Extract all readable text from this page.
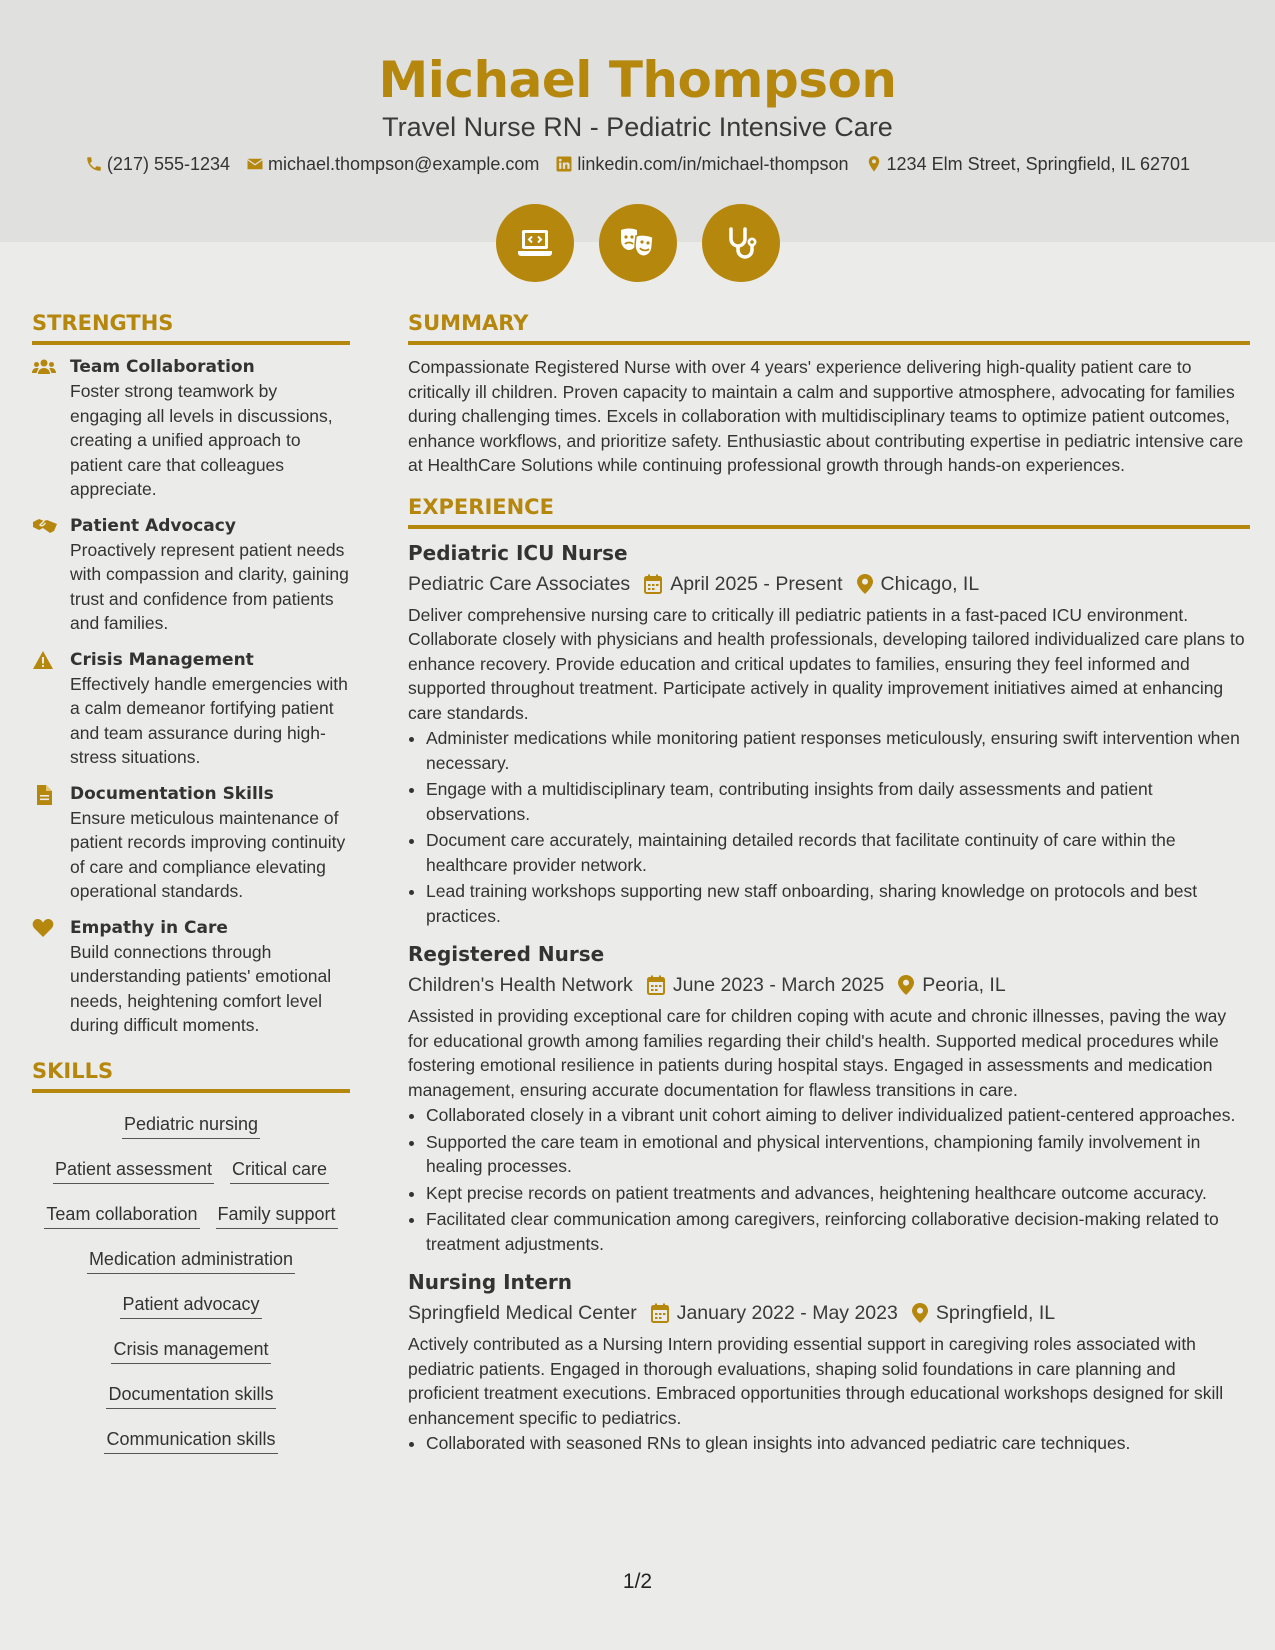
Michael Thompson
Travel Nurse RN - Pediatric Intensive Care
(217) 555-1234 michael.thompson@example.com linkedin.com/in/michael-thompson 1234 Elm Street, Springfield, IL 62701
STRENGTHS
Team Collaboration
Foster strong teamwork by engaging all levels in discussions, creating a unified approach to patient care that colleagues appreciate.
Patient Advocacy
Proactively represent patient needs with compassion and clarity, gaining trust and confidence from patients and families.
Crisis Management
Effectively handle emergencies with a calm demeanor fortifying patient and team assurance during high-stress situations.
Documentation Skills
Ensure meticulous maintenance of patient records improving continuity of care and compliance elevating operational standards.
Empathy in Care
Build connections through understanding patients' emotional needs, heightening comfort level during difficult moments.
SKILLS
Pediatric nursing
Patient assessment Critical care
Team collaboration Family support
Medication administration
Patient advocacy
Crisis management
Documentation skills
Communication skills
SUMMARY
Compassionate Registered Nurse with over 4 years' experience delivering high-quality patient care to critically ill children. Proven capacity to maintain a calm and supportive atmosphere, advocating for families during challenging times. Excels in collaboration with multidisciplinary teams to optimize patient outcomes, enhance workflows, and prioritize safety. Enthusiastic about contributing expertise in pediatric intensive care at HealthCare Solutions while continuing professional growth through hands-on experiences.
EXPERIENCE
Pediatric ICU Nurse
Pediatric Care Associates April 2025 - Present Chicago, IL
Deliver comprehensive nursing care to critically ill pediatric patients in a fast-paced ICU environment. Collaborate closely with physicians and health professionals, developing tailored individualized care plans to enhance recovery. Provide education and critical updates to families, ensuring they feel informed and supported throughout treatment. Participate actively in quality improvement initiatives aimed at enhancing care standards.
• Administer medications while monitoring patient responses meticulously, ensuring swift intervention when necessary.
• Engage with a multidisciplinary team, contributing insights from daily assessments and patient observations.
• Document care accurately, maintaining detailed records that facilitate continuity of care within the healthcare provider network.
• Lead training workshops supporting new staff onboarding, sharing knowledge on protocols and best practices.
Registered Nurse
Children's Health Network June 2023 - March 2025 Peoria, IL
Assisted in providing exceptional care for children coping with acute and chronic illnesses, paving the way for educational growth among families regarding their child's health. Supported medical procedures while fostering emotional resilience in patients during hospital stays. Engaged in assessments and medication management, ensuring accurate documentation for flawless transitions in care.
• Collaborated closely in a vibrant unit cohort aiming to deliver individualized patient-centered approaches.
• Supported the care team in emotional and physical interventions, championing family involvement in healing processes.
• Kept precise records on patient treatments and advances, heightening healthcare outcome accuracy.
• Facilitated clear communication among caregivers, reinforcing collaborative decision-making related to treatment adjustments.
Nursing Intern
Springfield Medical Center January 2022 - May 2023 Springfield, IL
Actively contributed as a Nursing Intern providing essential support in caregiving roles associated with pediatric patients. Engaged in thorough evaluations, shaping solid foundations in care planning and proficient treatment executions. Embraced opportunities through educational workshops designed for skill enhancement specific to pediatrics.
• Collaborated with seasoned RNs to glean insights into advanced pediatric care techniques.
1/2
